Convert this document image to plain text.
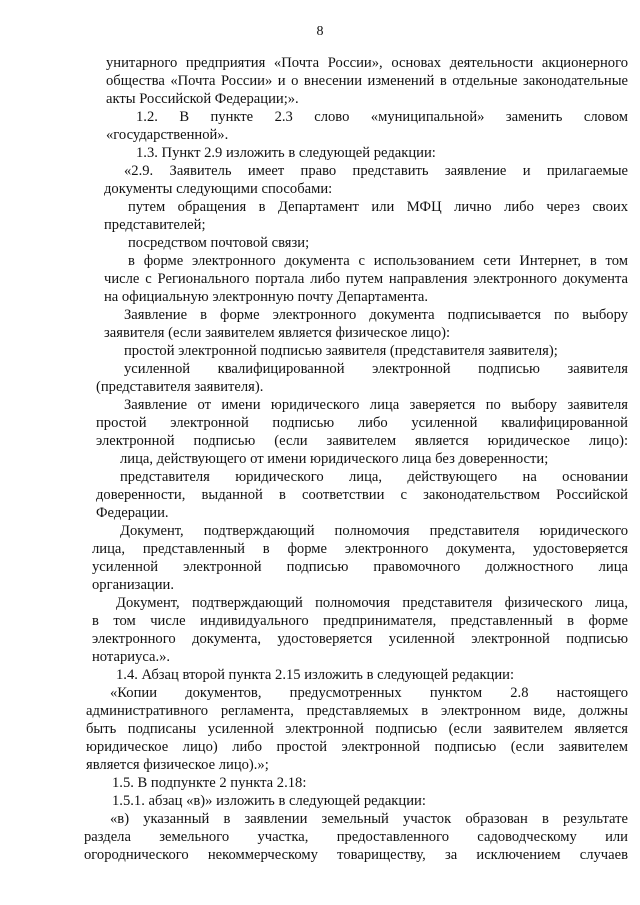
8
унитарного предприятия «Почта России», основах деятельности акционерного
общества «Почта России» и о внесении изменений в отдельные законодательные
акты Российской Федерации;».
1.2. В пункте 2.3 слово «муниципальной» заменить словом
«государственной».
1.3. Пункт 2.9 изложить в следующей редакции:
«2.9. Заявитель имеет право представить заявление и прилагаемые
документы следующими способами:
путем обращения в Департамент или МФЦ лично либо через своих
представителей;
посредством почтовой связи;
в форме электронного документа с использованием сети Интернет, в том
числе с Регионального портала либо путем направления электронного документа
на официальную электронную почту Департамента.
Заявление в форме электронного документа подписывается по выбору
заявителя (если заявителем является физическое лицо):
простой электронной подписью заявителя (представителя заявителя);
усиленной квалифицированной электронной подписью заявителя
(представителя заявителя).
Заявление от имени юридического лица заверяется по выбору заявителя
простой электронной подписью либо усиленной квалифицированной
электронной подписью (если заявителем является юридическое лицо):
лица, действующего от имени юридического лица без доверенности;
представителя юридического лица, действующего на основании
доверенности, выданной в соответствии с законодательством Российской
Федерации.
Документ, подтверждающий полномочия представителя юридического
лица, представленный в форме электронного документа, удостоверяется
усиленной электронной подписью правомочного должностного лица
организации.
Документ, подтверждающий полномочия представителя физического лица,
в том числе индивидуального предпринимателя, представленный в форме
электронного документа, удостоверяется усиленной электронной подписью
нотариуса.».
1.4. Абзац второй пункта 2.15 изложить в следующей редакции:
«Копии документов, предусмотренных пунктом 2.8 настоящего
административного регламента, представляемых в электронном виде, должны
быть подписаны усиленной электронной подписью (если заявителем является
юридическое лицо) либо простой электронной подписью (если заявителем
является физическое лицо).»;
1.5. В подпункте 2 пункта 2.18:
1.5.1. абзац «в)» изложить в следующей редакции:
«в) указанный в заявлении земельный участок образован в результате
раздела земельного участка, предоставленного садоводческому или
огороднического некоммерческому товариществу, за исключением случаев
